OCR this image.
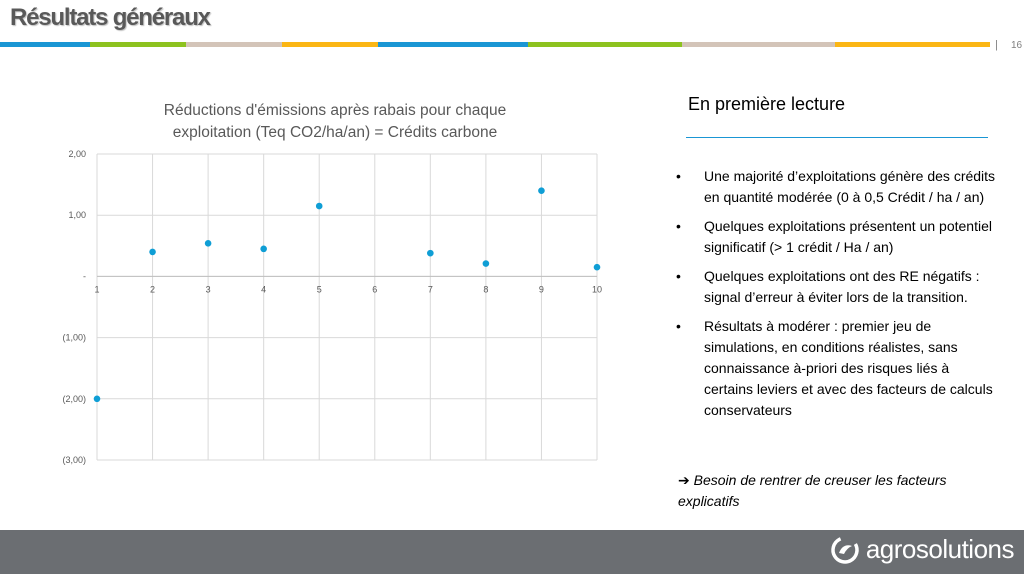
Résultats généraux
| 16
Réductions d'émissions après rabais pour chaque
exploitation (Teq CO2/ha/an) = Crédits carbone
2,00
1,00
-
(1,00)
(2,00)
(3,00)
1	2	3	4	5	6	7	8	9	10
En première lecture
• Une majorité d’exploitations génère des crédits en quantité modérée (0 à 0,5 Crédit / ha / an)
• Quelques exploitations présentent un potentiel significatif (> 1 crédit / Ha / an)
• Quelques exploitations ont des RE négatifs : signal d’erreur à éviter lors de la transition.
• Résultats à modérer : premier jeu de simulations, en conditions réalistes, sans connaissance à-priori des risques liés à certains leviers et avec des facteurs de calculs conservateurs
➔ Besoin de rentrer de creuser les facteurs explicatifs
agrosolutions
